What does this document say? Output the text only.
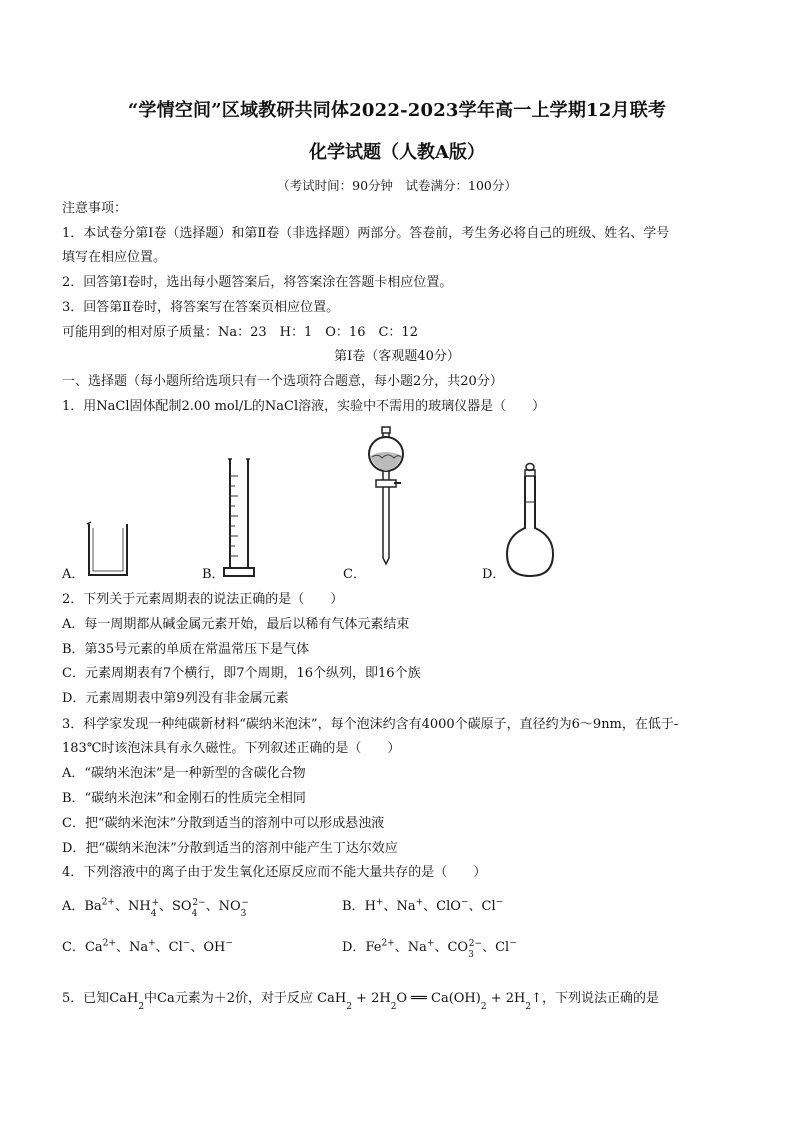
“学情空间”区域教研共同体2022-2023学年高一上学期12月联考
化学试题（人教A版）
（考试时间：90分钟　试卷满分：100分）
注意事项：
1．本试卷分第Ⅰ卷（选择题）和第Ⅱ卷（非选择题）两部分。答卷前，考生务必将自己的班级、姓名、学号
填写在相应位置。
2．回答第Ⅰ卷时，选出每小题答案后，将答案涂在答题卡相应位置。
3．回答第Ⅱ卷时，将答案写在答案页相应位置。
可能用到的相对原子质量：Na：23　H：1　O：16　C：12
第Ⅰ卷（客观题40分）
一、选择题（每小题所给选项只有一个选项符合题意，每小题2分，共20分）
1．用NaCl固体配制2.00 mol/L的NaCl溶液，实验中不需用的玻璃仪器是（　　）
A．	B．	C．	D．
2．下列关于元素周期表的说法正确的是（　　）
A．每一周期都从碱金属元素开始，最后以稀有气体元素结束
B．第35号元素的单质在常温常压下是气体
C．元素周期表有7个横行，即7个周期，16个纵列，即16个族
D．元素周期表中第9列没有非金属元素
3．科学家发现一种纯碳新材料“碳纳米泡沫”，每个泡沫约含有4000个碳原子，直径约为6～9nm，在低于-
183℃时该泡沫具有永久磁性。下列叙述正确的是（　　）
A．“碳纳米泡沫”是一种新型的含碳化合物
B．“碳纳米泡沫”和金刚石的性质完全相同
C．把“碳纳米泡沫”分散到适当的溶剂中可以形成悬浊液
D．把“碳纳米泡沫”分散到适当的溶剂中能产生丁达尔效应
4．下列溶液中的离子由于发生氧化还原反应而不能大量共存的是（　　）
A．$Ba^{2+}$、$NH_4^+$、$SO_4^{2-}$、$NO_3^-$	B．H+、Na+、ClO−、Cl−
C．$Ca^{2+}$、Na+、Cl−、OH−	D．$Fe^{2+}$、Na+、$CO_3^{2-}$、Cl−
5．已知CaH$_2$中Ca元素为＋2价，对于反应 $CaH_2 + 2H_2O$ ══ $Ca(OH)_2$ + $2H_2↑$，下列说法正确的是
